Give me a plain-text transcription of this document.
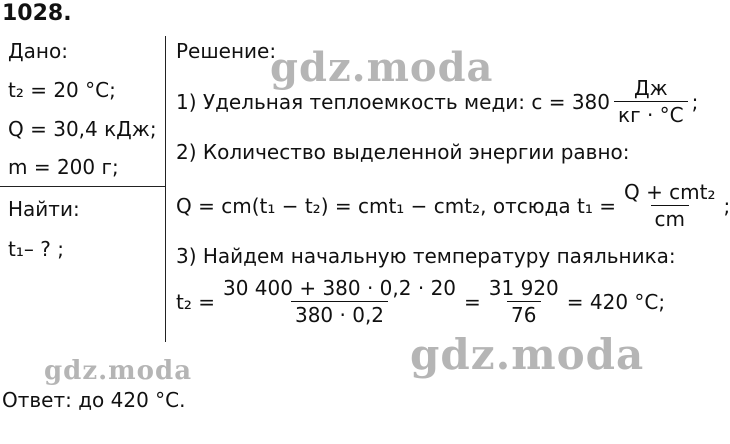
1028.
Дано:
t₂ = 20 °C;
Q = 30,4 кДж;
m = 200 г;
Найти:
t₁– ? ;
Решение:
1) Удельная теплоемкость меди: $c = 380 \frac{Дж}{кг \cdot ^\circ C}$ ;
2) Количество выделенной энергии равно:
Q = cm(t₁ − t₂) = cmt₁ − cmt₂, отсюда $t_1 = \frac{\text{Q + cmt₂}}{cm}$ ;
3) Найдем начальную температуру паяльника:
$t_2 = \frac{30 400 + 380 \cdot 0,2 \cdot 20}{380 \cdot 0,2} = \frac{31 920}{76} = 420$ °C;
Ответ: до 420 °C.
gdz.moda
gdz.moda
gdz.moda
